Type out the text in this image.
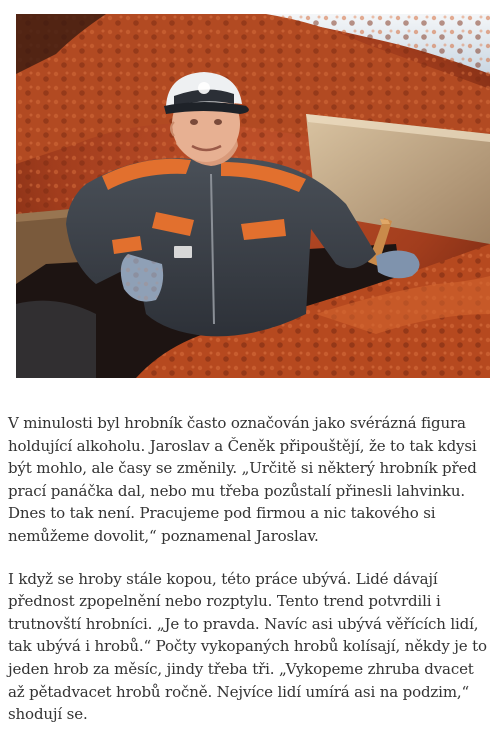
V minulosti byl hrobník často označován jako svérázná figura holdující alkoholu. Jaroslav a Čeněk připouštějí, že to tak kdysi být mohlo, ale časy se změnily. „Určitě si některý hrobník před prací panáčka dal, nebo mu třeba pozůstalí přinesli lahvinku. Dnes to tak není. Pracujeme pod firmou a nic takového si nemůžeme dovolit,“ poznamenal Jaroslav.

I když se hroby stále kopou, této práce ubývá. Lidé dávají přednost zpopelnění nebo rozptylu. Tento trend potvrdili i trutnovští hrobníci. „Je to pravda. Navíc asi ubývá věřících lidí, tak ubývá i hrobů.“ Počty vykopaných hrobů kolísají, někdy je to jeden hrob za měsíc, jindy třeba tři. „Vykopeme zhruba dvacet až pětadvacet hrobů ročně. Nejvíce lidí umírá asi na podzim,“ shodují se.
